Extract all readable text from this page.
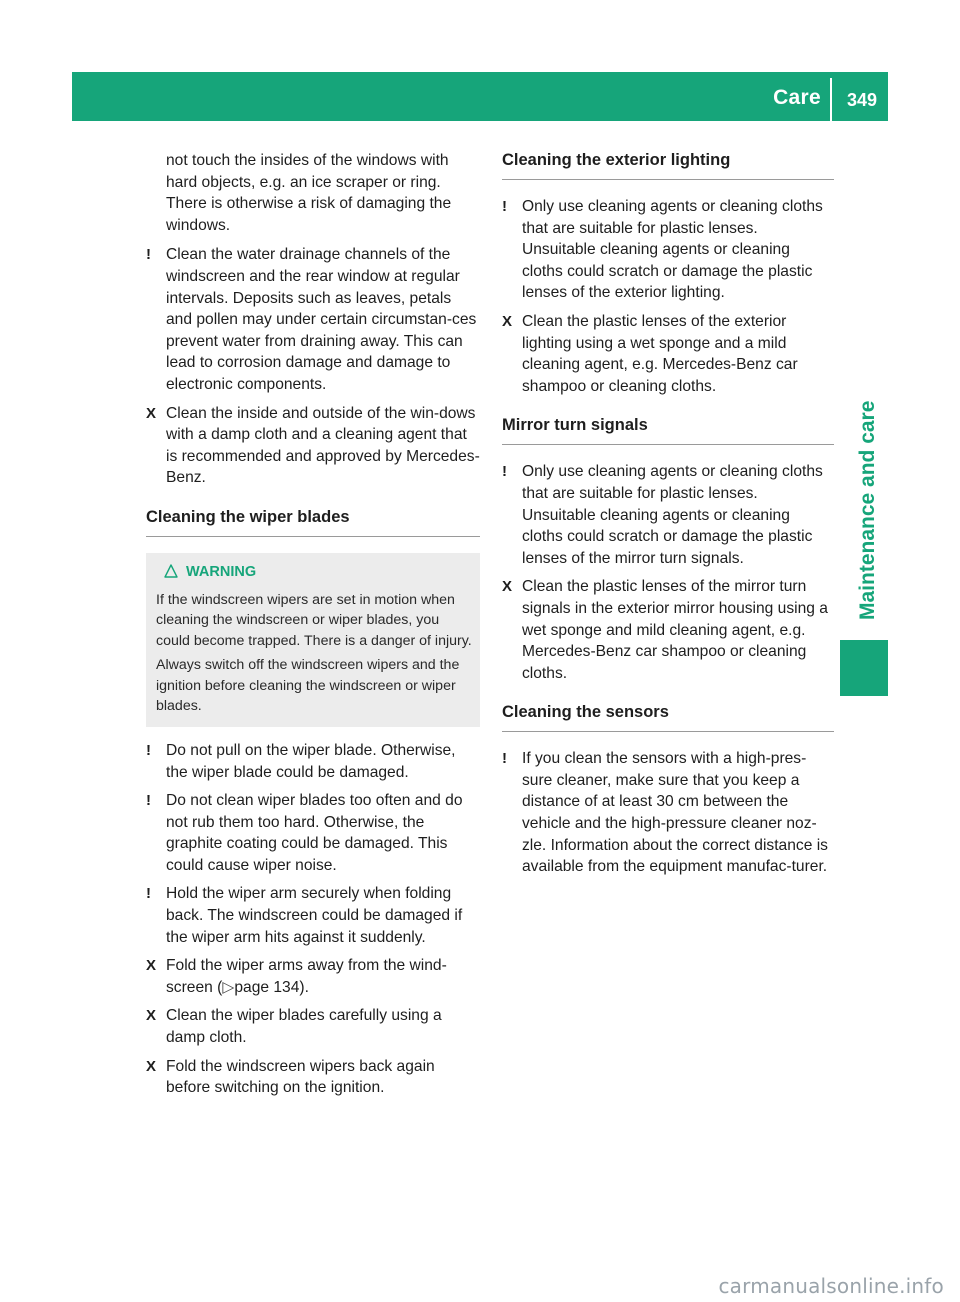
Care	349
Maintenance and care

not touch the insides of the windows with hard objects, e.g. an ice scraper or ring. There is otherwise a risk of damaging the windows.

! Clean the water drainage channels of the windscreen and the rear window at regular intervals. Deposits such as leaves, petals and pollen may under certain circumstan-ces prevent water from draining away. This can lead to corrosion damage and damage to electronic components.

X Clean the inside and outside of the win-dows with a damp cloth and a cleaning agent that is recommended and approved by Mercedes-Benz.

Cleaning the wiper blades
WARNING

If the windscreen wipers are set in motion when cleaning the windscreen or wiper blades, you could become trapped. There is a danger of injury.

Always switch off the windscreen wipers and the ignition before cleaning the windscreen or wiper blades.

! Do not pull on the wiper blade. Otherwise, the wiper blade could be damaged.

! Do not clean wiper blades too often and do not rub them too hard. Otherwise, the graphite coating could be damaged. This could cause wiper noise.

! Hold the wiper arm securely when folding back. The windscreen could be damaged if the wiper arm hits against it suddenly.

X Fold the wiper arms away from the wind-screen (▷page 134).

X Clean the wiper blades carefully using a damp cloth.

X Fold the windscreen wipers back again before switching on the ignition.

Cleaning the exterior lighting
! Only use cleaning agents or cleaning cloths that are suitable for plastic lenses. Unsuitable cleaning agents or cleaning cloths could scratch or damage the plastic lenses of the exterior lighting.

X Clean the plastic lenses of the exterior lighting using a wet sponge and a mild cleaning agent, e.g. Mercedes-Benz car shampoo or cleaning cloths.

Mirror turn signals
! Only use cleaning agents or cleaning cloths that are suitable for plastic lenses. Unsuitable cleaning agents or cleaning cloths could scratch or damage the plastic lenses of the mirror turn signals.

X Clean the plastic lenses of the mirror turn signals in the exterior mirror housing using a wet sponge and mild cleaning agent, e.g. Mercedes-Benz car shampoo or cleaning cloths.

Cleaning the sensors
! If you clean the sensors with a high-pres-sure cleaner, make sure that you keep a distance of at least 30 cm between the vehicle and the high-pressure cleaner noz-zle. Information about the correct distance is available from the equipment manufac-turer.

carmanualsonline.info
